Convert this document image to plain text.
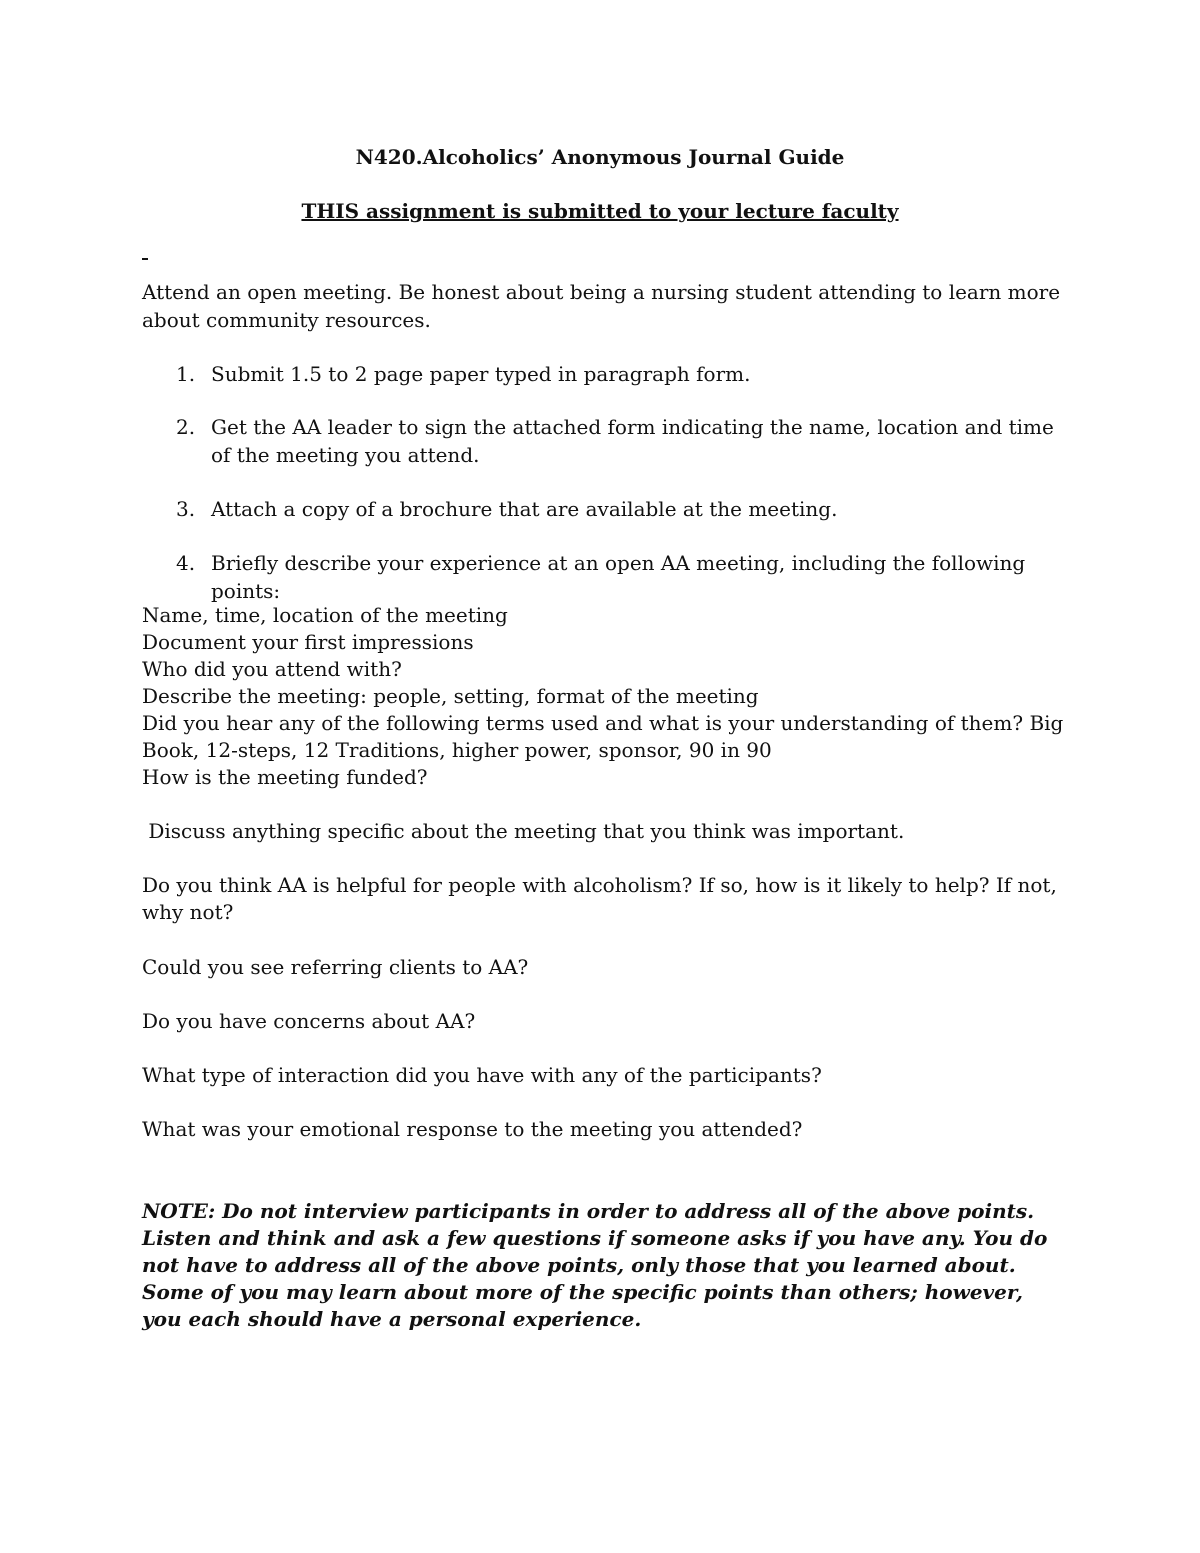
N420.Alcoholics’ Anonymous Journal Guide
THIS assignment is submitted to your lecture faculty
Attend an open meeting. Be honest about being a nursing student attending to learn more about community resources.
1. Submit 1.5 to 2 page paper typed in paragraph form.
2. Get the AA leader to sign the attached form indicating the name, location and time of the meeting you attend.
3. Attach a copy of a brochure that are available at the meeting.
4. Briefly describe your experience at an open AA meeting, including the following points:
Name, time, location of the meeting
Document your first impressions
Who did you attend with?
Describe the meeting: people, setting, format of the meeting
Did you hear any of the following terms used and what is your understanding of them? Big
Book, 12-steps, 12 Traditions, higher power, sponsor, 90 in 90
How is the meeting funded?
Discuss anything specific about the meeting that you think was important.
Do you think AA is helpful for people with alcoholism? If so, how is it likely to help? If not, why not?
Could you see referring clients to AA?
Do you have concerns about AA?
What type of interaction did you have with any of the participants?
What was your emotional response to the meeting you attended?
NOTE: Do not interview participants in order to address all of the above points. Listen and think and ask a few questions if someone asks if you have any. You do not have to address all of the above points, only those that you learned about. Some of you may learn about more of the specific points than others; however, you each should have a personal experience.
